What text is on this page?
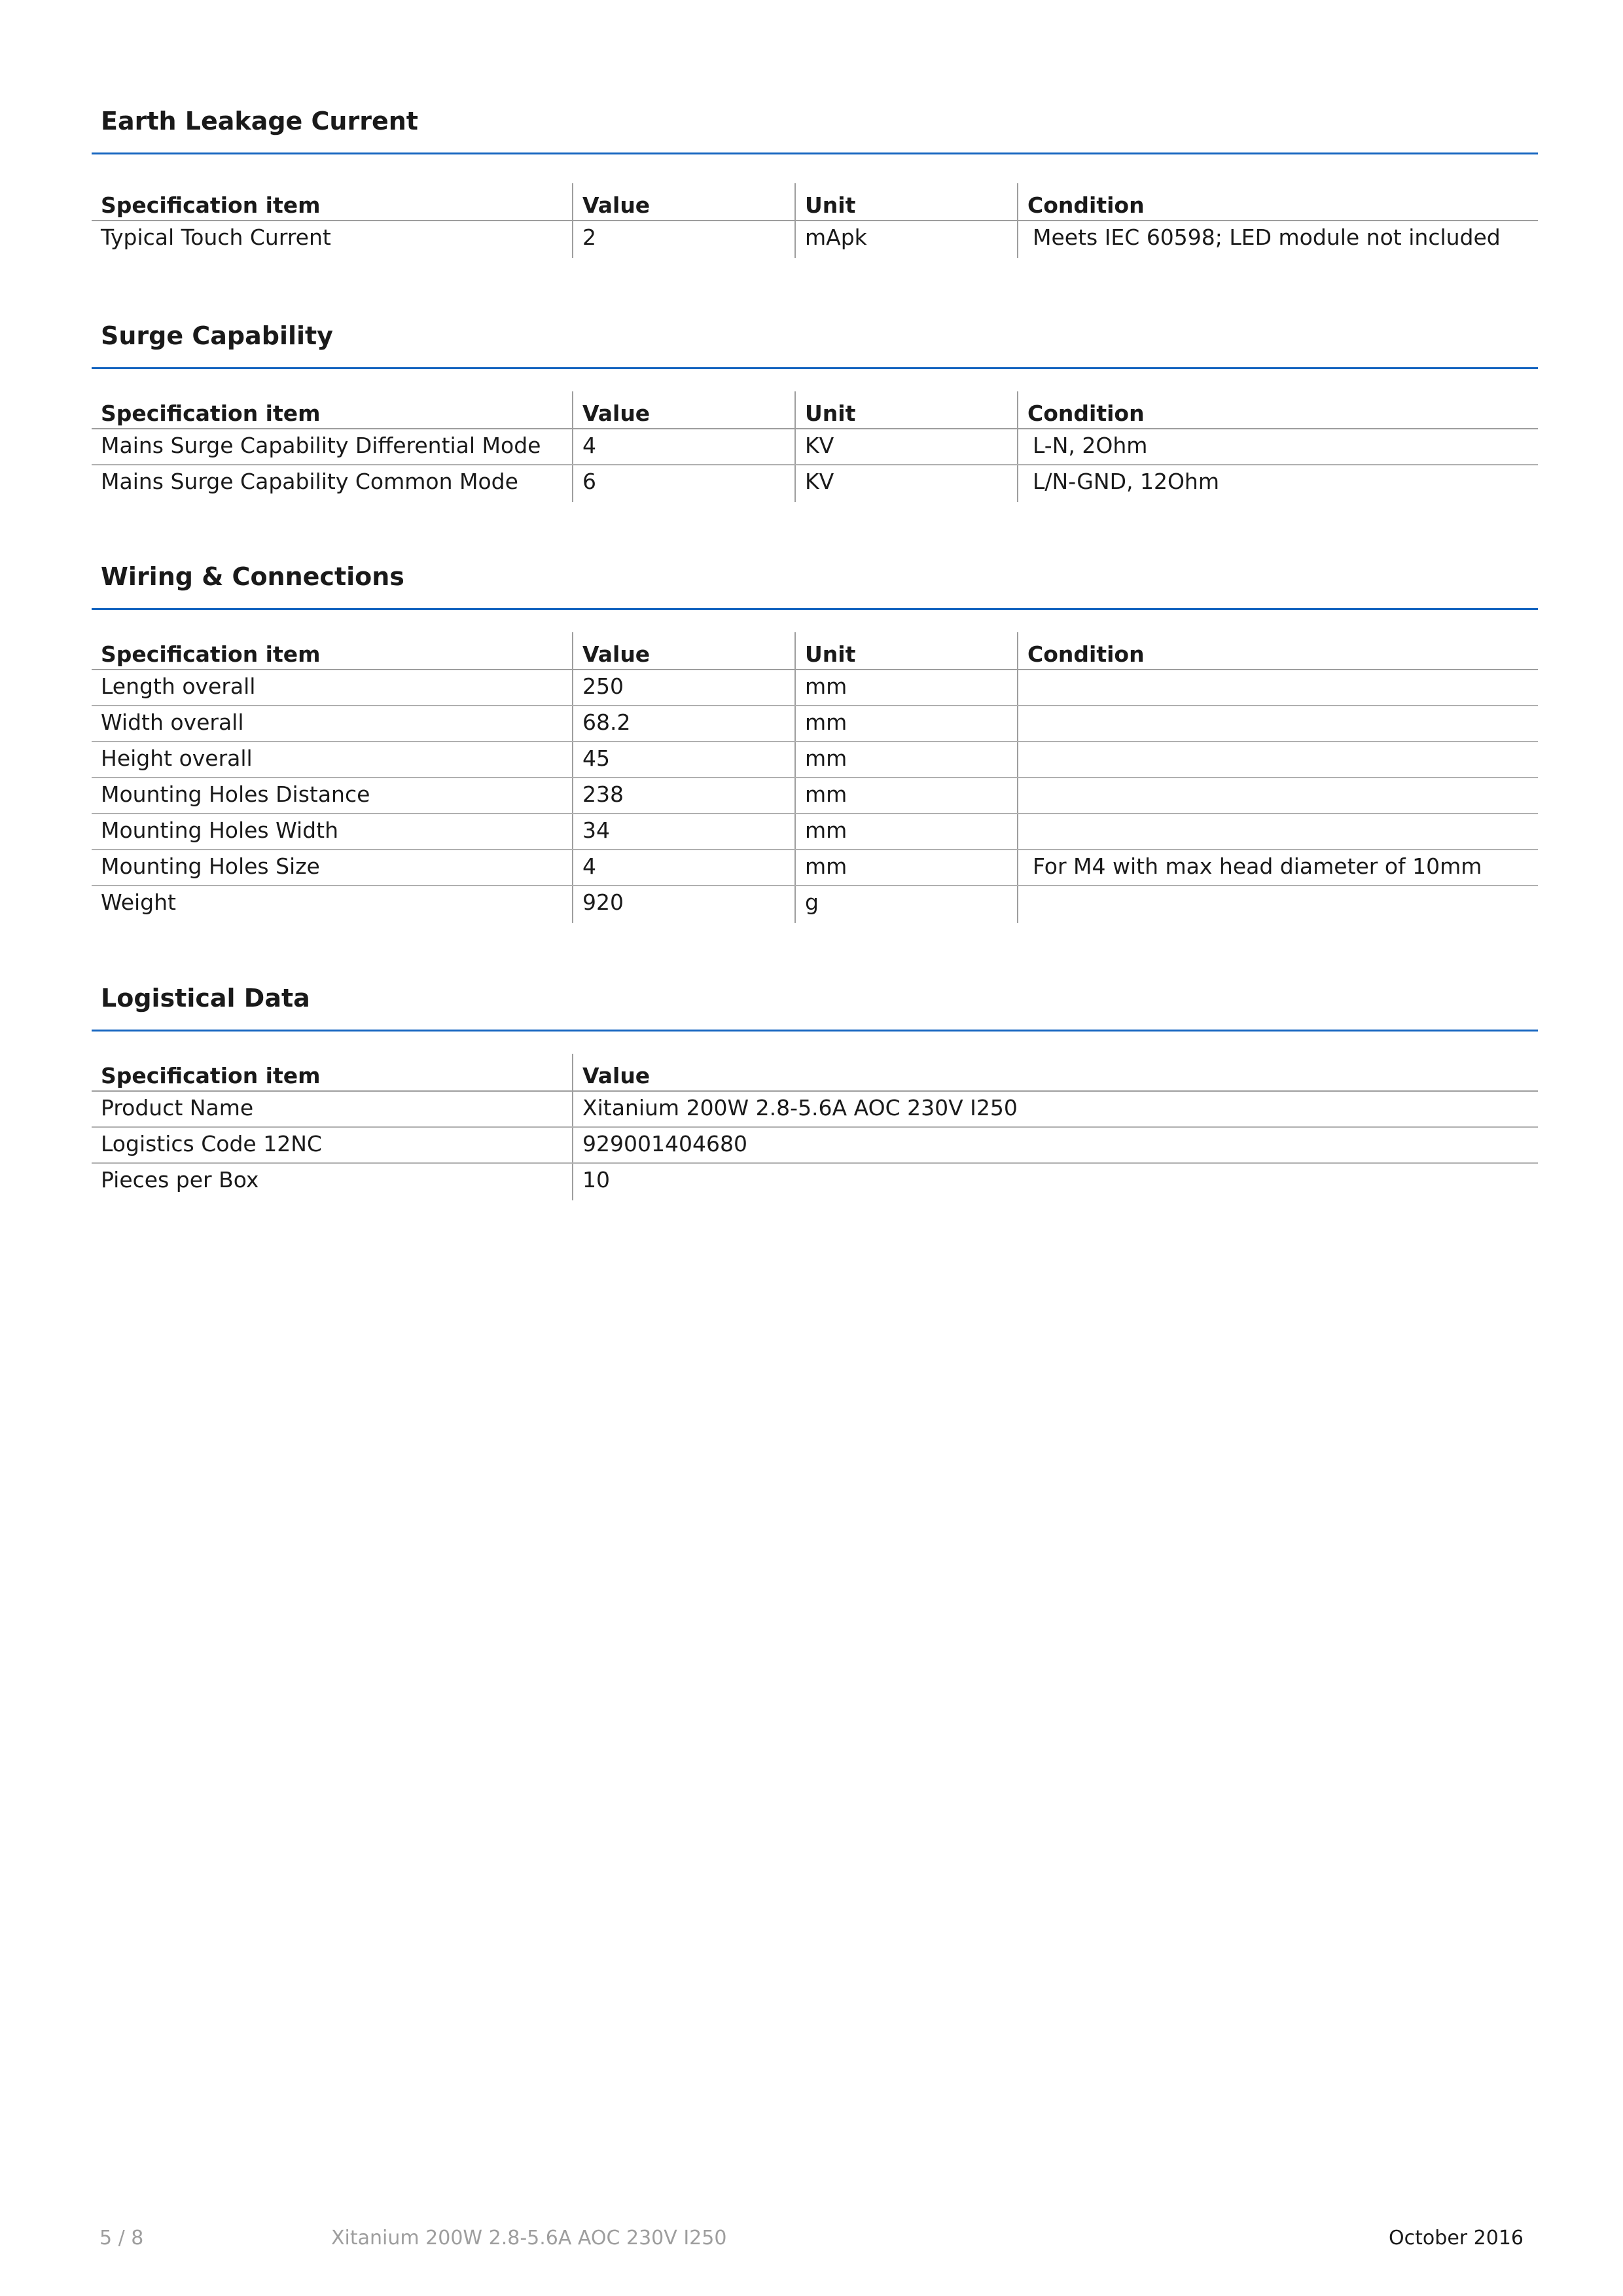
Earth Leakage Current
Specification item	Value	Unit	Condition
Typical Touch Current	2	mApk	Meets IEC 60598; LED module not included
Surge Capability
Specification item	Value	Unit	Condition
Mains Surge Capability Differential Mode	4	KV	L-N, 2Ohm
Mains Surge Capability Common Mode	6	KV	L/N-GND, 12Ohm
Wiring & Connections
Specification item	Value	Unit	Condition
Length overall	250	mm	
Width overall	68.2	mm	
Height overall	45	mm	
Mounting Holes Distance	238	mm	
Mounting Holes Width	34	mm	
Mounting Holes Size	4	mm	For M4 with max head diameter of 10mm
Weight	920	g	
Logistical Data
Specification item	Value
Product Name	Xitanium 200W 2.8-5.6A AOC 230V I250
Logistics Code 12NC	929001404680
Pieces per Box	10
5 / 8	Xitanium 200W 2.8-5.6A AOC 230V I250	October 2016
